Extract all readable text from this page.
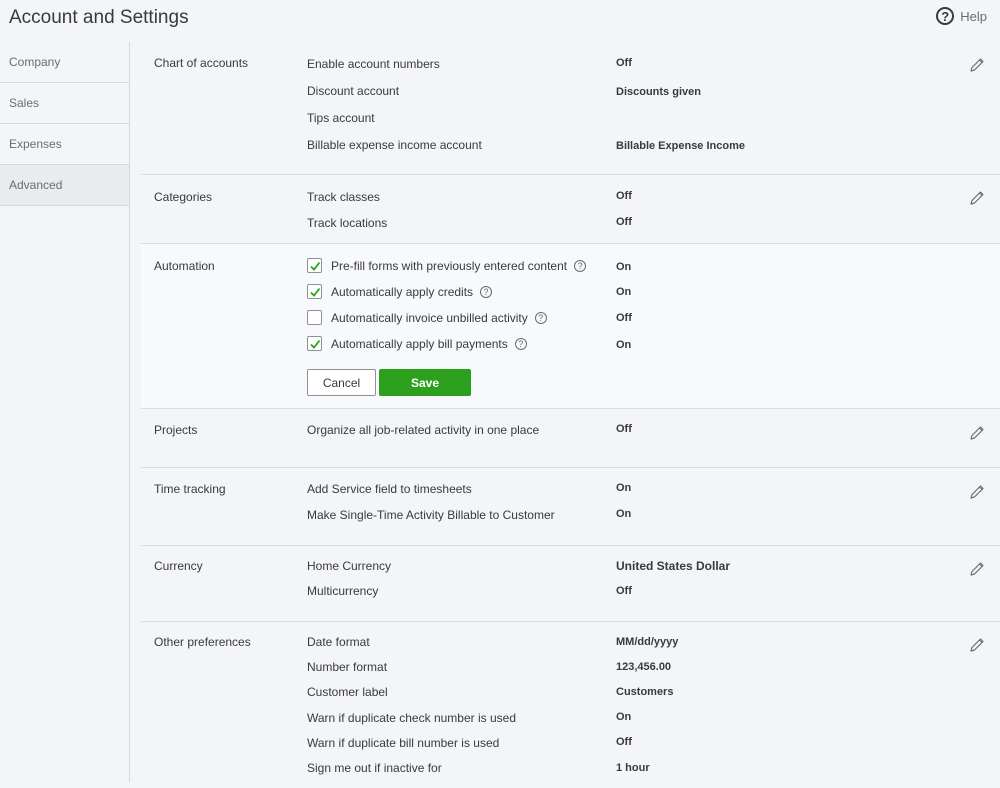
Account and Settings	? Help
Company
Sales
Expenses
Advanced
Chart of accounts	Enable account numbers	Off
Discount account	Discounts given
Tips account
Billable expense income account	Billable Expense Income
Categories	Track classes	Off
Track locations	Off
Automation	Pre-fill forms with previously entered content	?	On
Automatically apply credits	?	On
Automatically invoice unbilled activity	?	Off
Automatically apply bill payments	?	On
Cancel	Save
Projects	Organize all job-related activity in one place	Off
Time tracking	Add Service field to timesheets	On
Make Single-Time Activity Billable to Customer	On
Currency	Home Currency	United States Dollar
Multicurrency	Off
Other preferences	Date format	MM/dd/yyyy
Number format	123,456.00
Customer label	Customers
Warn if duplicate check number is used	On
Warn if duplicate bill number is used	Off
Sign me out if inactive for	1 hour
